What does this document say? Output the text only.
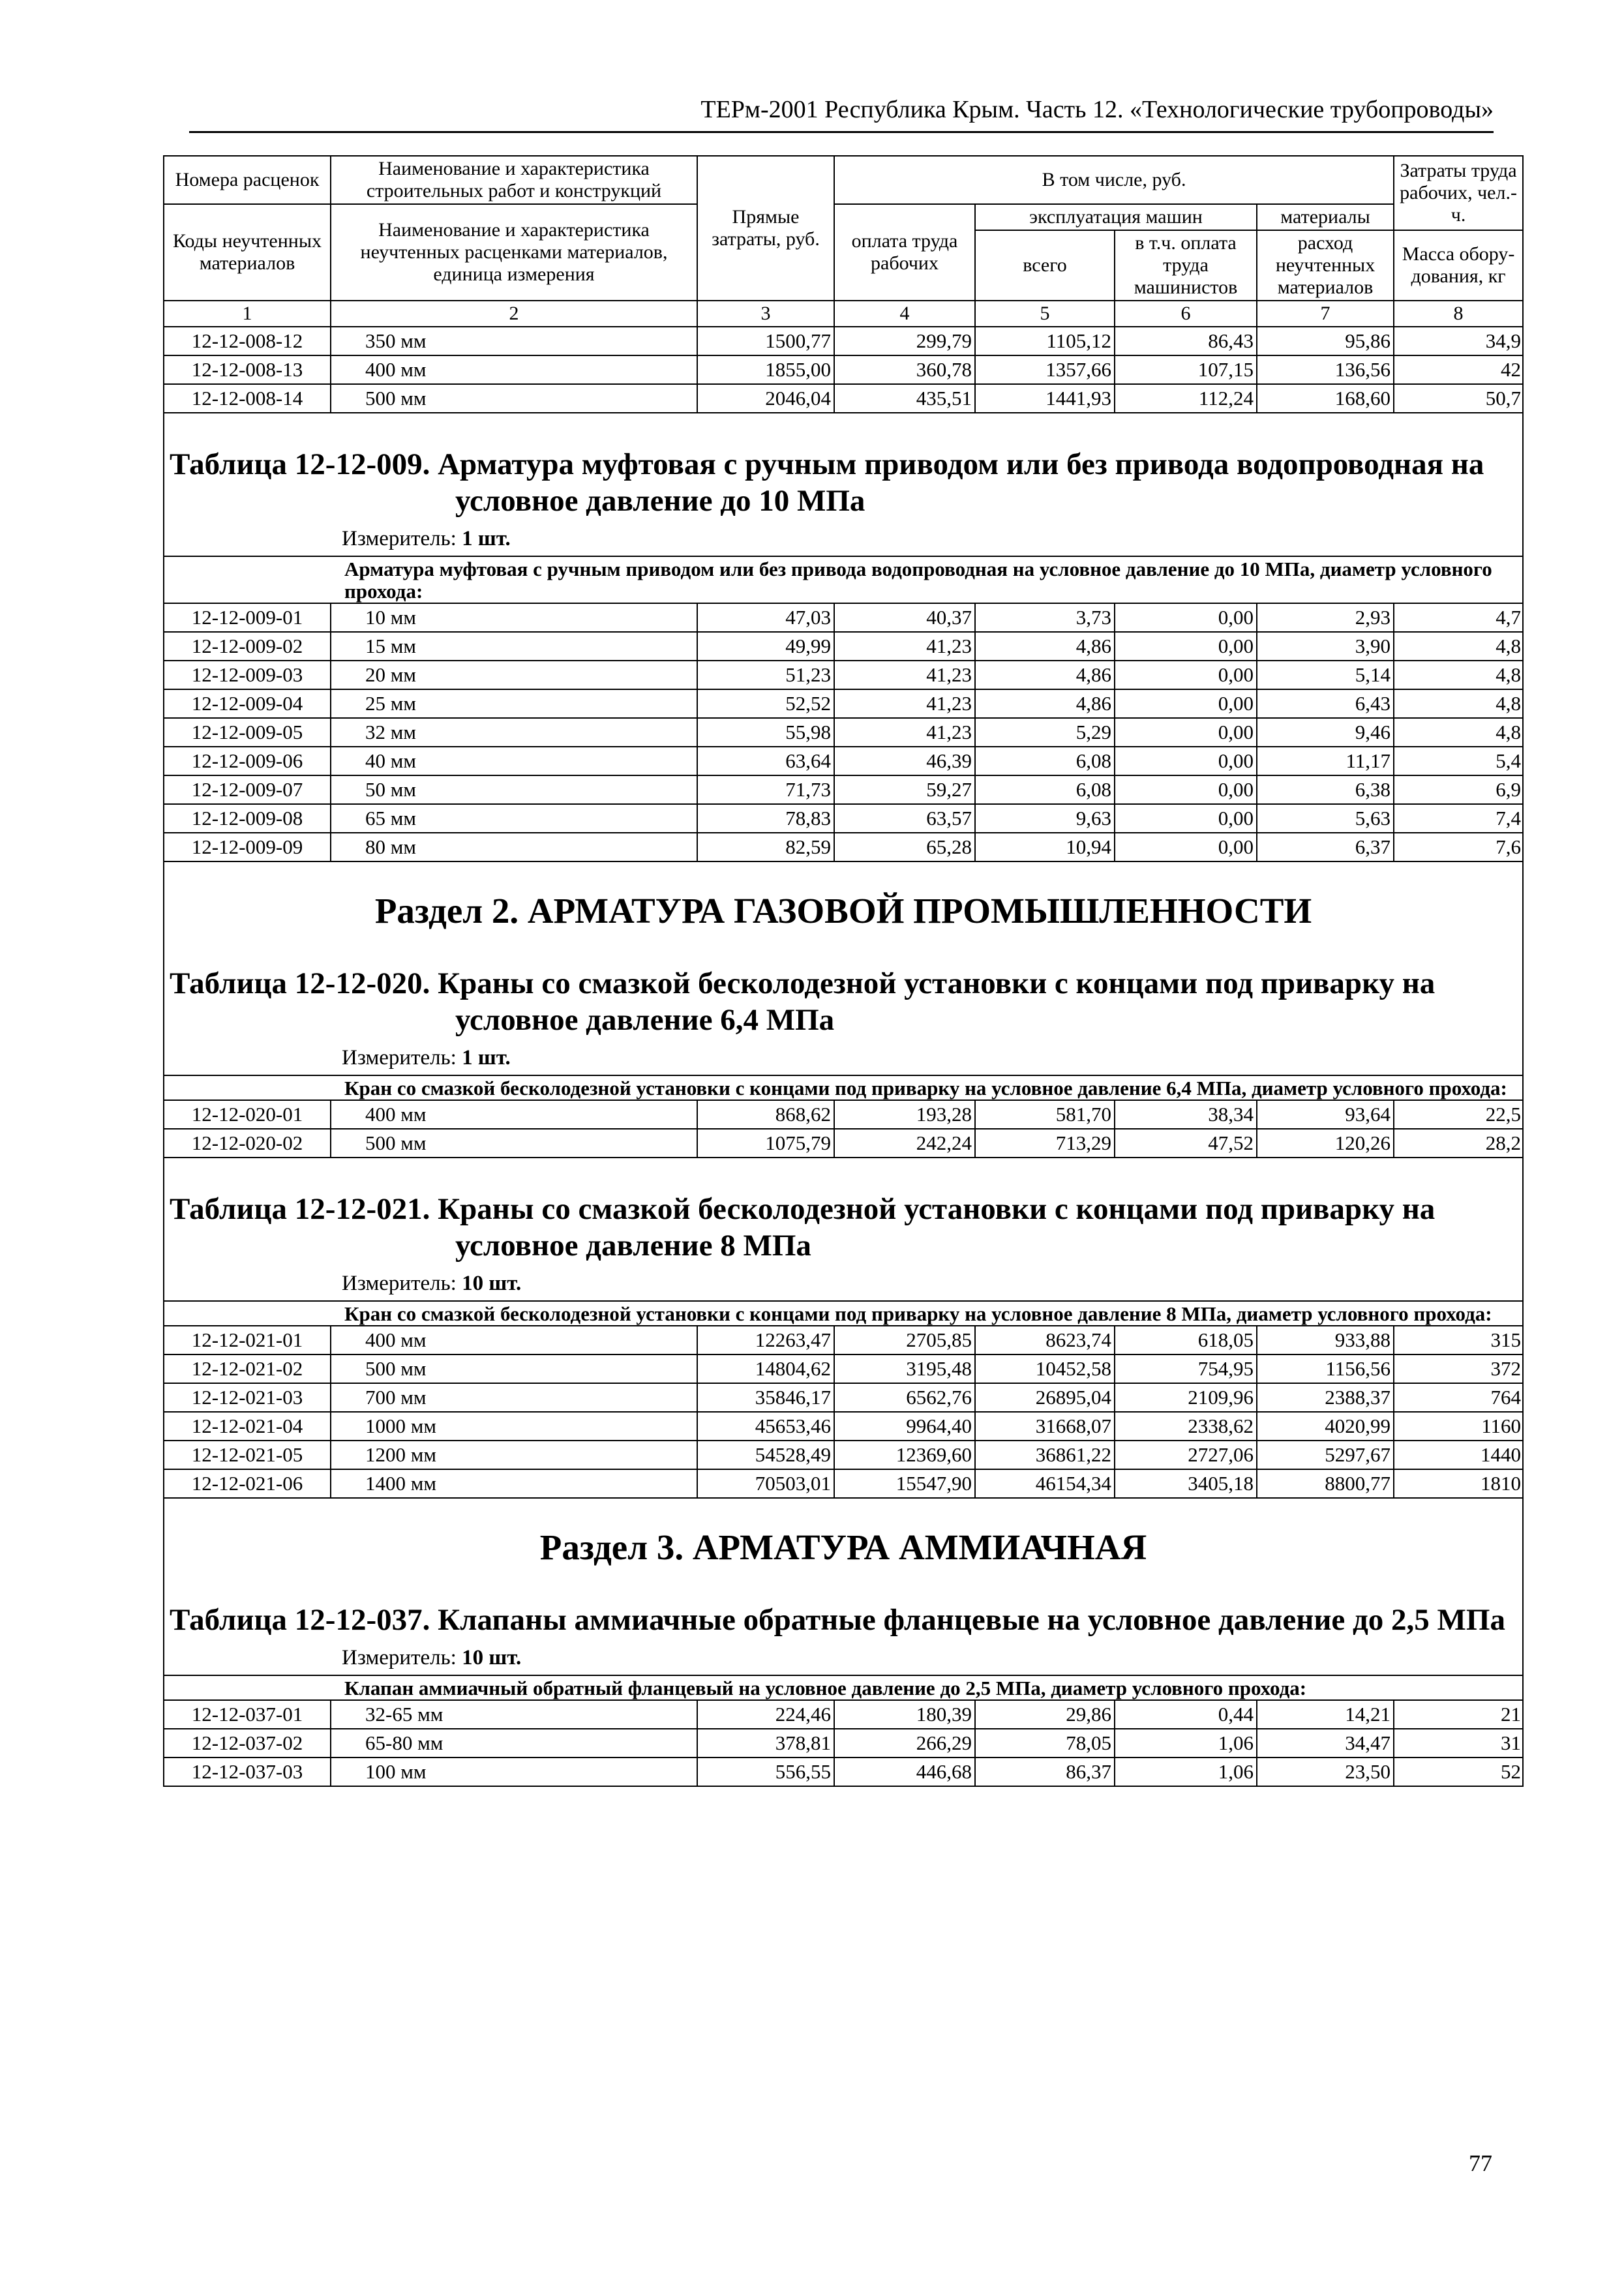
ТЕРм-2001 Республика Крым. Часть 12. «Технологические трубопроводы»
Номера расценок	Наименование и характеристика строительных работ и конструкций	Прямые затраты, руб.	В том числе, руб.				Затраты труда рабочих, чел.-ч.
Коды неучтенных материалов	Наименование и характеристика неучтенных расценками материалов, единица измерения		оплата труда рабочих	эксплуатация машин		материалы	
				всего	в т.ч. оплата труда машинистов	расход неучтенных материалов	Масса обору-дования, кг
1	2	3	4	5	6	7	8
12-12-008-12	350 мм	1500,77	299,79	1105,12	86,43	95,86	34,9
12-12-008-13	400 мм	1855,00	360,78	1357,66	107,15	136,56	42
12-12-008-14	500 мм	2046,04	435,51	1441,93	112,24	168,60	50,7

Таблица 12-12-009. Арматура муфтовая с ручным приводом или без привода водопроводная на условное давление до 10 МПа
Измеритель: 1 шт.							

Арматура муфтовая с ручным приводом или без привода водопроводная на условное давление до 10 МПа, диаметр условного прохода:							
12-12-009-01	10 мм	47,03	40,37	3,73	0,00	2,93	4,7
12-12-009-02	15 мм	49,99	41,23	4,86	0,00	3,90	4,8
12-12-009-03	20 мм	51,23	41,23	4,86	0,00	5,14	4,8
12-12-009-04	25 мм	52,52	41,23	4,86	0,00	6,43	4,8
12-12-009-05	32 мм	55,98	41,23	5,29	0,00	9,46	4,8
12-12-009-06	40 мм	63,64	46,39	6,08	0,00	11,17	5,4
12-12-009-07	50 мм	71,73	59,27	6,08	0,00	6,38	6,9
12-12-009-08	65 мм	78,83	63,57	9,63	0,00	5,63	7,4
12-12-009-09	80 мм	82,59	65,28	10,94	0,00	6,37	7,6

Раздел 2. АРМАТУРА ГАЗОВОЙ ПРОМЫШЛЕННОСТИ
Таблица 12-12-020. Краны со смазкой бесколодезной установки с концами под приварку на условное давление 6,4 МПа
Измеритель: 1 шт.							

Кран со смазкой бесколодезной установки с концами под приварку на условное давление 6,4 МПа, диаметр условного прохода:							
12-12-020-01	400 мм	868,62	193,28	581,70	38,34	93,64	22,5
12-12-020-02	500 мм	1075,79	242,24	713,29	47,52	120,26	28,2

Таблица 12-12-021. Краны со смазкой бесколодезной установки с концами под приварку на условное давление 8 МПа
Измеритель: 10 шт.							

Кран со смазкой бесколодезной установки с концами под приварку на условное давление 8 МПа, диаметр условного прохода:							
12-12-021-01	400 мм	12263,47	2705,85	8623,74	618,05	933,88	315
12-12-021-02	500 мм	14804,62	3195,48	10452,58	754,95	1156,56	372
12-12-021-03	700 мм	35846,17	6562,76	26895,04	2109,96	2388,37	764
12-12-021-04	1000 мм	45653,46	9964,40	31668,07	2338,62	4020,99	1160
12-12-021-05	1200 мм	54528,49	12369,60	36861,22	2727,06	5297,67	1440
12-12-021-06	1400 мм	70503,01	15547,90	46154,34	3405,18	8800,77	1810

Раздел 3. АРМАТУРА АММИАЧНАЯ
Таблица 12-12-037. Клапаны аммиачные обратные фланцевые на условное давление до 2,5 МПа
Измеритель: 10 шт.							

Клапан аммиачный обратный фланцевый на условное давление до 2,5 МПа, диаметр условного прохода:							
12-12-037-01	32-65 мм	224,46	180,39	29,86	0,44	14,21	21
12-12-037-02	65-80 мм	378,81	266,29	78,05	1,06	34,47	31
12-12-037-03	100 мм	556,55	446,68	86,37	1,06	23,50	52
77
